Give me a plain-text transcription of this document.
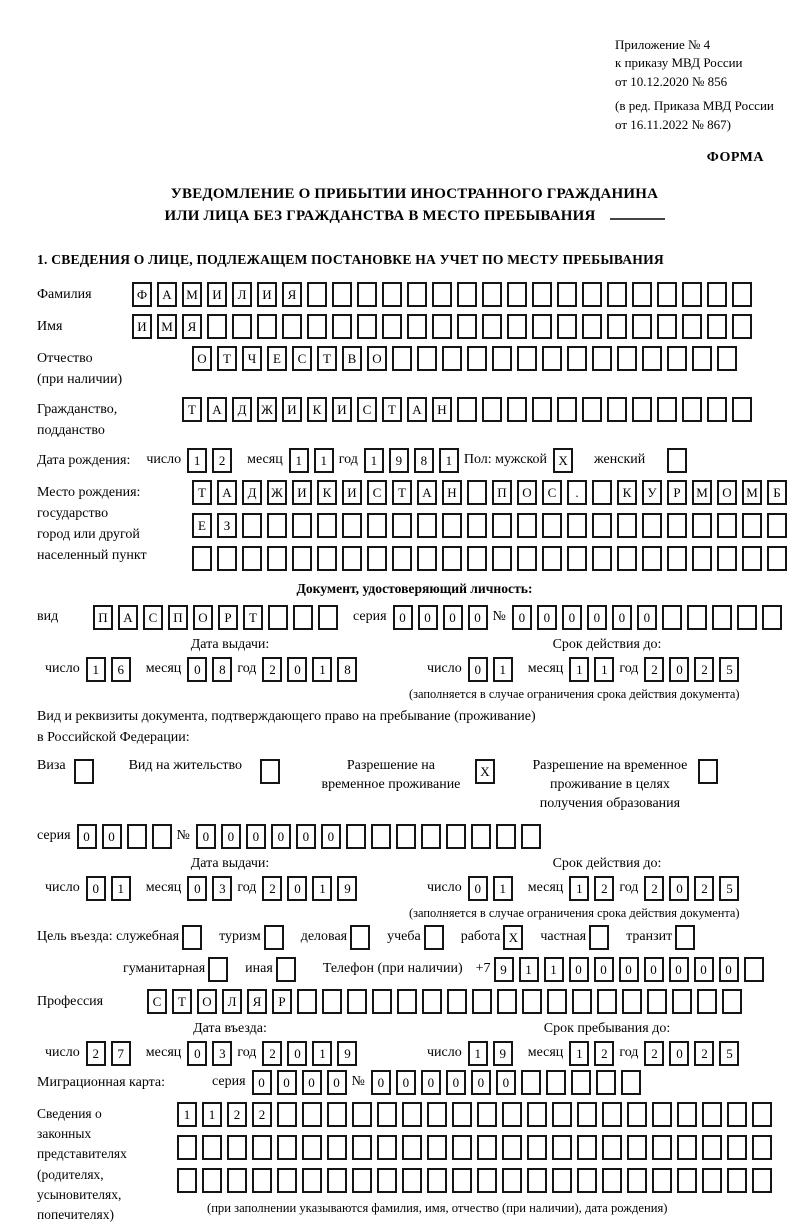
Приложение № 4
к приказу МВД России
от 10.12.2020 № 856
(в ред. Приказа МВД России
от 16.11.2022 № 867)
ФОРМА
УВЕДОМЛЕНИЕ О ПРИБЫТИИ ИНОСТРАННОГО ГРАЖДАНИНА
ИЛИ ЛИЦА БЕЗ ГРАЖДАНСТВА В МЕСТО ПРЕБЫВАНИЯ
1. СВЕДЕНИЯ О ЛИЦЕ, ПОДЛЕЖАЩЕМ ПОСТАНОВКЕ НА УЧЕТ ПО МЕСТУ ПРЕБЫВАНИЯ
Фамилия	Ф А М И Л И Я
Имя	И М Я
Отчество
(при наличии)
О Т Ч Е С Т В О
Гражданство,
подданство
Т А Д Ж И К И С Т А Н
Дата рождения: число 1 2	месяц 1 1 год 1 9 8 1 Пол: мужской X	женский
Место рождения:
государство
город или другой
населенный пункт
Т А Д Ж И К И С Т А Н	П О С .	К У Р М О М Б
Е З
Документ, удостоверяющий личность:
вид	П А С П О Р Т	серия 0 0 0 0 № 0 0 0 0 0 0
Дата выдачи:
число 1 6	месяц 0 8 год 2 0 1 8
Срок действия до:
число 0 1	месяц 1 1 год 2 0 2 5
(заполняется в случае ограничения срока действия документа)
Вид и реквизиты документа, подтверждающего право на пребывание (проживание)
в Российской Федерации:
Виза	Вид на жительство	Разрешение на временное проживание
X	Разрешение на временное проживание в целях получения образования
серия 0 0	№ 0 0 0 0 0 0
Дата выдачи:
число 0 1	месяц 0 3 год 2 0 1 9
Срок действия до:
число 0 1	месяц 1 2 год 2 0 2 5
(заполняется в случае ограничения срока действия документа)
Цель въезда: служебная	туризм	деловая	учеба	работа X	частная	транзит
гуманитарная	иная	Телефон (при наличии) +7 9 1 1 0 0 0 0 0 0 0
Профессия	С Т О Л Я Р
Дата въезда:
число 2 7	месяц 0 3 год 2 0 1 9
Срок пребывания до:
число 1 9	месяц 1 2 год 2 0 2 5
Миграционная карта:	серия 0 0 0 0 № 0 0 0 0 0 0
Сведения о
законных
представителях
(родителях,
усыновителях,
попечителях)
1 1 2 2
(при заполнении указываются фамилия, имя, отчество (при наличии), дата рождения)
